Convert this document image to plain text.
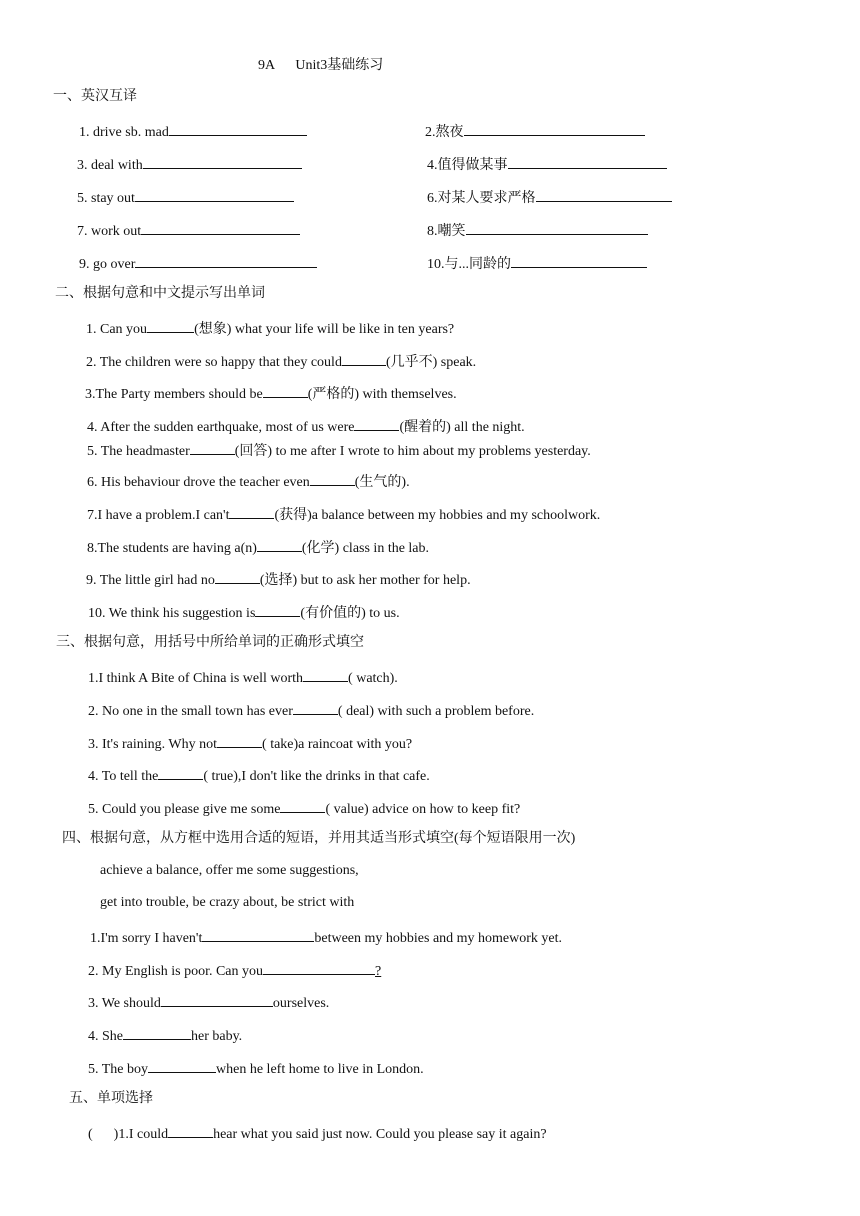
9A      Unit3基础练习
一、英汉互译
1. drive sb. mad	2.熬夜
3. deal with	4.值得做某事
5. stay out	6.对某人要求严格
7. work out	8.嘲笑
9. go over	10.与...同龄的
二、根据句意和中文提示写出单词
1. Can you	(想象) what your life will be like in ten years?
2. The children were so happy that they could	(几乎不) speak.
3.The Party members should be	(严格的) with themselves.
4. After the sudden earthquake, most of us were	(醒着的) all the night.
5. The headmaster	(回答) to me after I wrote to him about my problems yesterday.
6. His behaviour drove the teacher even	(生气的).
7.I have a problem.I can't	(获得)a balance between my hobbies and my schoolwork.
8.The students are having a(n)	(化学) class in the lab.
9. The little girl had no	(选择) but to ask her mother for help.
10. We think his suggestion is	(有价值的) to us.
三、根据句意，用括号中所给单词的正确形式填空
1.I think A Bite of China is well worth	( watch).
2. No one in the small town has ever	( deal) with such a problem before.
3. It's raining. Why not	( take)a raincoat with you?
4. To tell the	( true),I don't like the drinks in that cafe.
5. Could you please give me some	( value) advice on how to keep fit?
四、根据句意，从方框中选用合适的短语，并用其适当形式填空(每个短语限用一次)
achieve a balance, offer me some suggestions,
get into trouble, be crazy about, be strict with
1.I'm sorry I haven't	between my hobbies and my homework yet.
2. My English is poor. Can you	?
3. We should	ourselves.
4. She	her baby.
5. The boy	when he left home to live in London.
五、单项选择
(      )1.I could	hear what you said just now. Could you please say it again?
